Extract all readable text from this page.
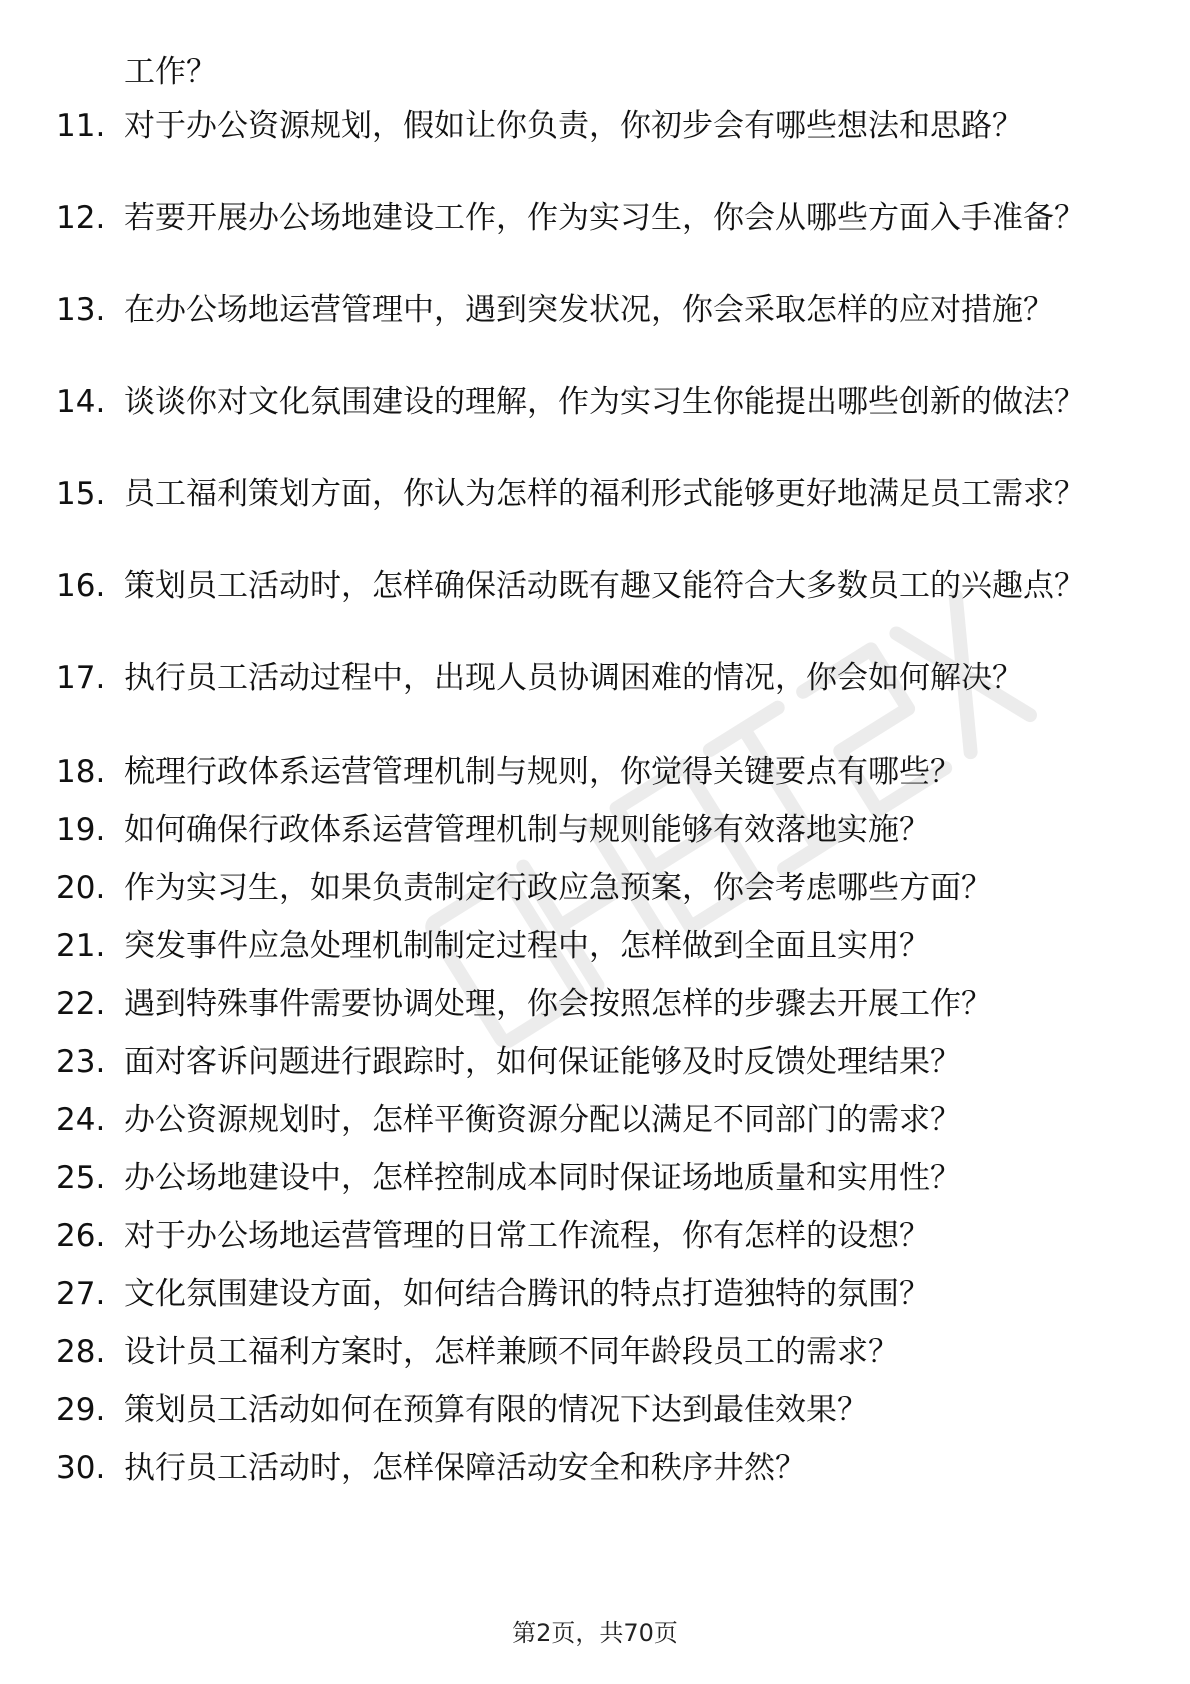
工作？
11. 对于办公资源规划，假如让你负责，你初步会有哪些想法和思路？
12. 若要开展办公场地建设工作，作为实习生，你会从哪些方面入手准备？
13. 在办公场地运营管理中，遇到突发状况，你会采取怎样的应对措施？
14. 谈谈你对文化氛围建设的理解，作为实习生你能提出哪些创新的做法？
15. 员工福利策划方面，你认为怎样的福利形式能够更好地满足员工需求？
16. 策划员工活动时，怎样确保活动既有趣又能符合大多数员工的兴趣点？
17. 执行员工活动过程中，出现人员协调困难的情况，你会如何解决？
18. 梳理行政体系运营管理机制与规则，你觉得关键要点有哪些？
19. 如何确保行政体系运营管理机制与规则能够有效落地实施？
20. 作为实习生，如果负责制定行政应急预案，你会考虑哪些方面？
21. 突发事件应急处理机制制定过程中，怎样做到全面且实用？
22. 遇到特殊事件需要协调处理，你会按照怎样的步骤去开展工作？
23. 面对客诉问题进行跟踪时，如何保证能够及时反馈处理结果？
24. 办公资源规划时，怎样平衡资源分配以满足不同部门的需求？
25. 办公场地建设中，怎样控制成本同时保证场地质量和实用性？
26. 对于办公场地运营管理的日常工作流程，你有怎样的设想？
27. 文化氛围建设方面，如何结合腾讯的特点打造独特的氛围？
28. 设计员工福利方案时，怎样兼顾不同年龄段员工的需求？
29. 策划员工活动如何在预算有限的情况下达到最佳效果？
30. 执行员工活动时，怎样保障活动安全和秩序井然？
第2页，共70页
